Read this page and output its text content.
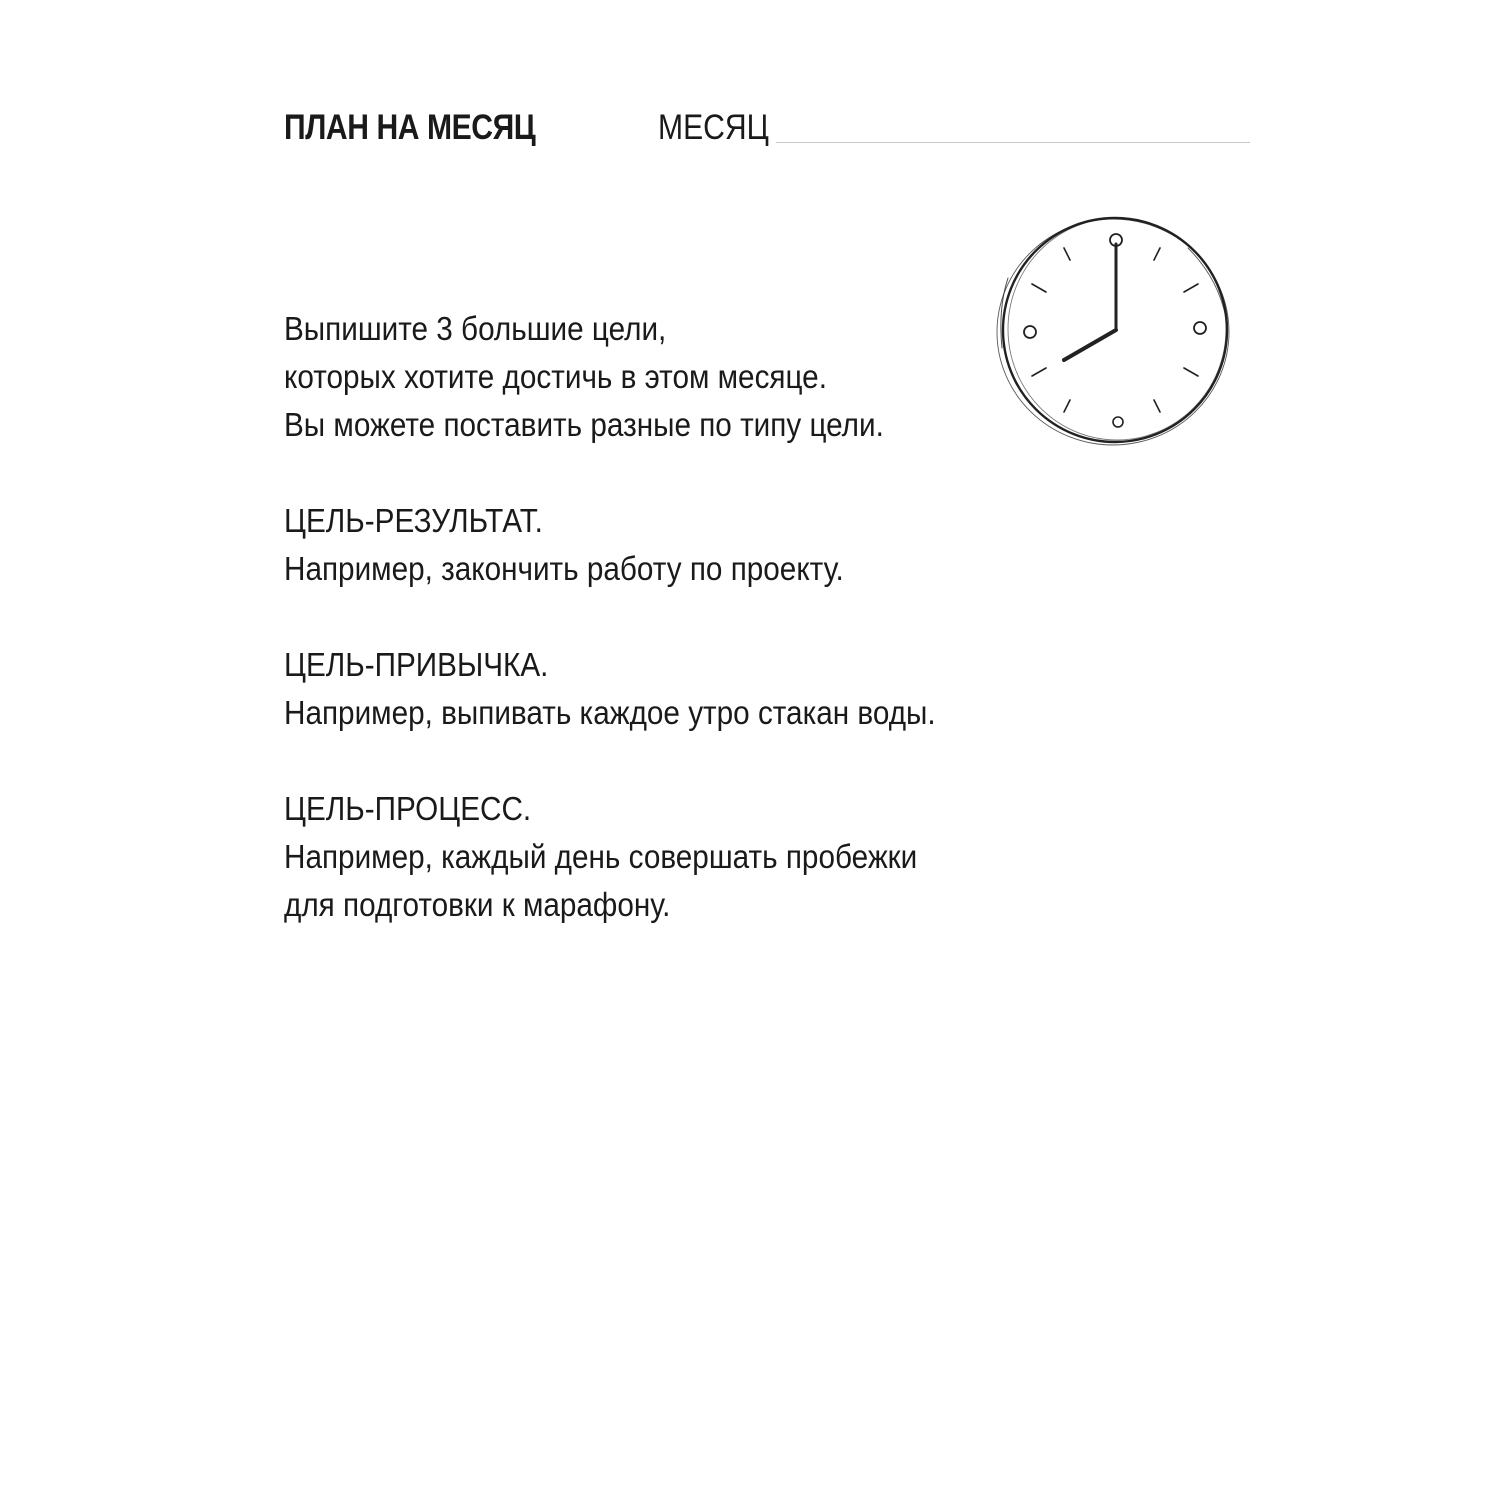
ПЛАН НА МЕСЯЦ	МЕСЯЦ
Выпишите 3 большие цели,
которых хотите достичь в этом месяце.
Вы можете поставить разные по типу цели.
ЦЕЛЬ-РЕЗУЛЬТАТ.
Например, закончить работу по проекту.
ЦЕЛЬ-ПРИВЫЧКА.
Например, выпивать каждое утро стакан воды.
ЦЕЛЬ-ПРОЦЕСС.
Например, каждый день совершать пробежки
для подготовки к марафону.
